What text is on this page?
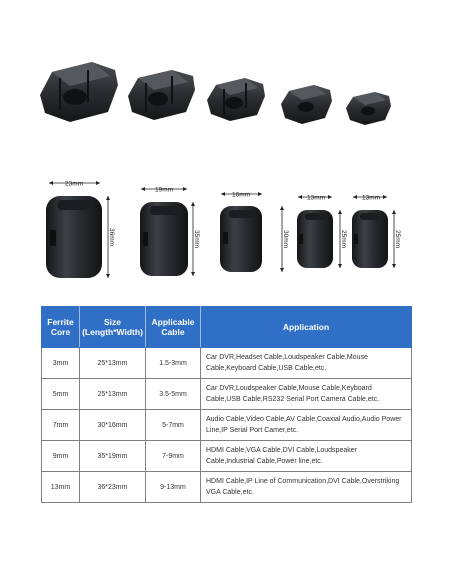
23mm
36mm
19mm
35mm
16mm
30mm
13mm
25mm
13mm
25mm
Ferrite Core	Size (Length*Width)	Applicable Cable	Application
3mm	25*13mm	1.5-3mm	Car DVR,Headset Cable,Loudspeaker Cable,Mouse Cable,Keyboard Cable,USB Cable,etc.
5mm	25*13mm	3.5-5mm	Car DVR,Loudspeaker Cable,Mouse Cable,Keyboard Cable,USB Cable,RS232 Serial Port Camera Cable,etc.
7mm	30*16mm	5-7mm	Audio Cable,Video Cable,AV Cable,Coaxial Audio,Audio Power Line,IP Serial Port Camer,etc.
9mm	35*19mm	7-9mm	HDMI Cable,VGA Cable,DVI Cable,Loudspeaker Cable,Industrial Cable,Power line,etc.
13mm	36*23mm	9-13mm	HDMI Cable,IP Line of Communication,DVI Cable,Overstriking VGA Cable,etc.
